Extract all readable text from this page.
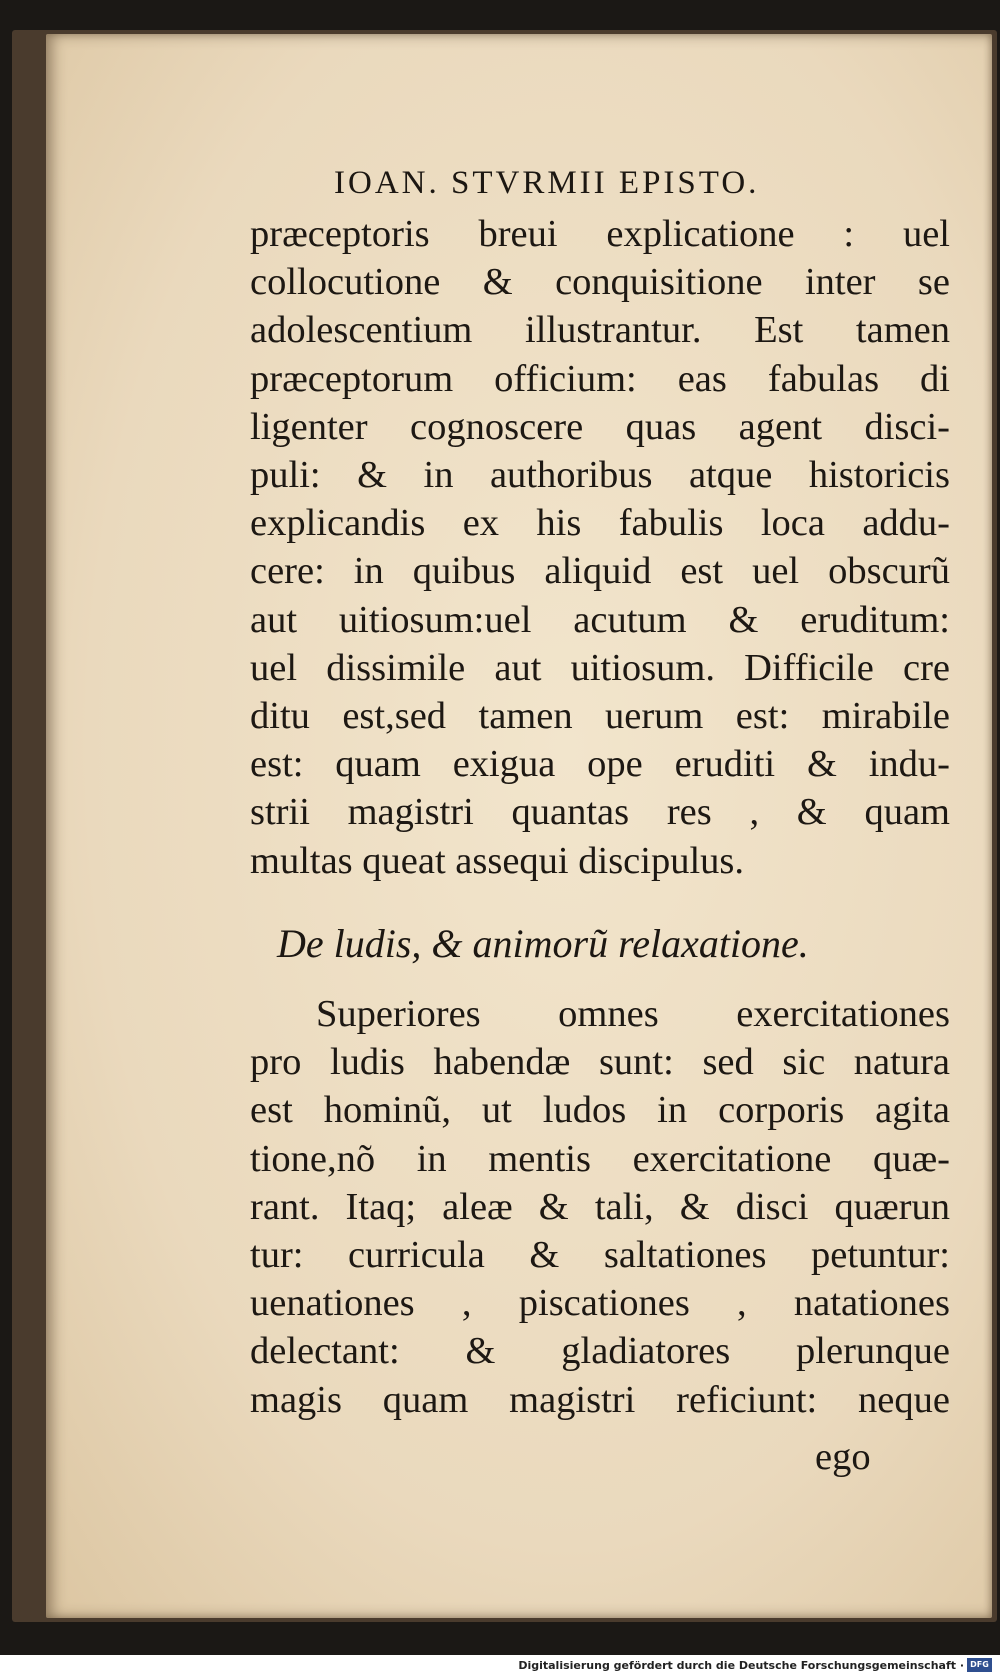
IOAN. STVRMII EPISTO.
præceptoris breui explicatione : uel
collocutione & conquisitione inter se
adolescentium illustrantur. Est tamen
præceptorum officium: eas fabulas di
ligenter cognoscere quas agent disci-
puli: & in authoribus atque historicis
explicandis ex his fabulis loca addu-
cere: in quibus aliquid est uel obscurũ
aut uitiosum:uel acutum & eruditum:
uel dissimile aut uitiosum. Difficile cre
ditu est,sed tamen uerum est: mirabile
est: quam exigua ope eruditi & indu-
strii magistri quantas res , & quam
multas queat assequi discipulus.
De ludis, & animorũ relaxatione.
Superiores omnes exercitationes
pro ludis habendæ sunt: sed sic natura
est hominũ, ut ludos in corporis agita
tione,nõ in mentis exercitatione quæ-
rant. Itaq; aleæ & tali, & disci quærun
tur: curricula & saltationes petuntur:
uenationes , piscationes , natationes
delectant: & gladiatores plerunque
magis quam magistri reficiunt: neque
ego
Digitalisierung gefördert durch die Deutsche Forschungsgemeinschaft · DFG
